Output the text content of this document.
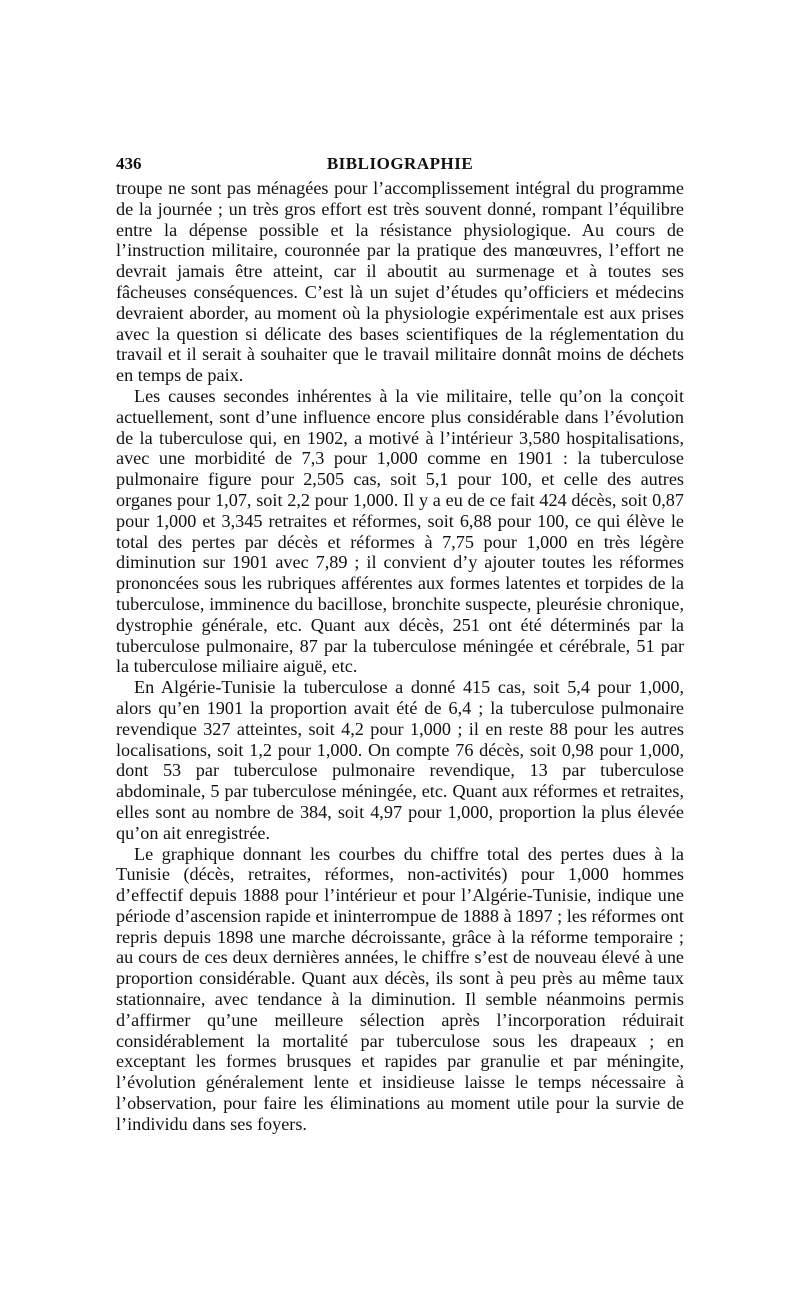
436	BIBLIOGRAPHIE

troupe ne sont pas ménagées pour l’accomplissement intégral du programme de la journée ; un très gros effort est très souvent donné, rompant l’équilibre entre la dépense possible et la résistance physiologique. Au cours de l’instruction militaire, couronnée par la pratique des manœuvres, l’effort ne devrait jamais être atteint, car il aboutit au surmenage et à toutes ses fâcheuses conséquences. C’est là un sujet d’études qu’officiers et médecins devraient aborder, au moment où la physiologie expérimentale est aux prises avec la question si délicate des bases scientifiques de la réglementation du travail et il serait à souhaiter que le travail militaire donnât moins de déchets en temps de paix.

Les causes secondes inhérentes à la vie militaire, telle qu’on la conçoit actuellement, sont d’une influence encore plus considérable dans l’évolution de la tuberculose qui, en 1902, a motivé à l’intérieur 3,580 hospitalisations, avec une morbidité de 7,3 pour 1,000 comme en 1901 : la tuberculose pulmonaire figure pour 2,505 cas, soit 5,1 pour 100, et celle des autres organes pour 1,07, soit 2,2 pour 1,000. Il y a eu de ce fait 424 décès, soit 0,87 pour 1,000 et 3,345 retraites et réformes, soit 6,88 pour 100, ce qui élève le total des pertes par décès et réformes à 7,75 pour 1,000 en très légère diminution sur 1901 avec 7,89 ; il convient d’y ajouter toutes les réformes prononcées sous les rubriques afférentes aux formes latentes et torpides de la tuberculose, imminence du bacillose, bronchite suspecte, pleurésie chronique, dystrophie générale, etc. Quant aux décès, 251 ont été déterminés par la tuberculose pulmonaire, 87 par la tuberculose méningée et cérébrale, 51 par la tuberculose miliaire aiguë, etc.

En Algérie-Tunisie la tuberculose a donné 415 cas, soit 5,4 pour 1,000, alors qu’en 1901 la proportion avait été de 6,4 ; la tuberculose pulmonaire revendique 327 atteintes, soit 4,2 pour 1,000 ; il en reste 88 pour les autres localisations, soit 1,2 pour 1,000. On compte 76 décès, soit 0,98 pour 1,000, dont 53 par tuberculose pulmonaire revendique, 13 par tuberculose abdominale, 5 par tuberculose méningée, etc. Quant aux réformes et retraites, elles sont au nombre de 384, soit 4,97 pour 1,000, proportion la plus élevée qu’on ait enregistrée.

Le graphique donnant les courbes du chiffre total des pertes dues à la Tunisie (décès, retraites, réformes, non-activités) pour 1,000 hommes d’effectif depuis 1888 pour l’intérieur et pour l’Algérie-Tunisie, indique une période d’ascension rapide et ininterrompue de 1888 à 1897 ; les réformes ont repris depuis 1898 une marche décroissante, grâce à la réforme temporaire ; au cours de ces deux dernières années, le chiffre s’est de nouveau élevé à une proportion considérable. Quant aux décès, ils sont à peu près au même taux stationnaire, avec tendance à la diminution. Il semble néanmoins permis d’affirmer qu’une meilleure sélection après l’incorporation réduirait considérablement la mortalité par tuberculose sous les drapeaux ; en exceptant les formes brusques et rapides par granulie et par méningite, l’évolution généralement lente et insidieuse laisse le temps nécessaire à l’observation, pour faire les éliminations au moment utile pour la survie de l’individu dans ses foyers.
